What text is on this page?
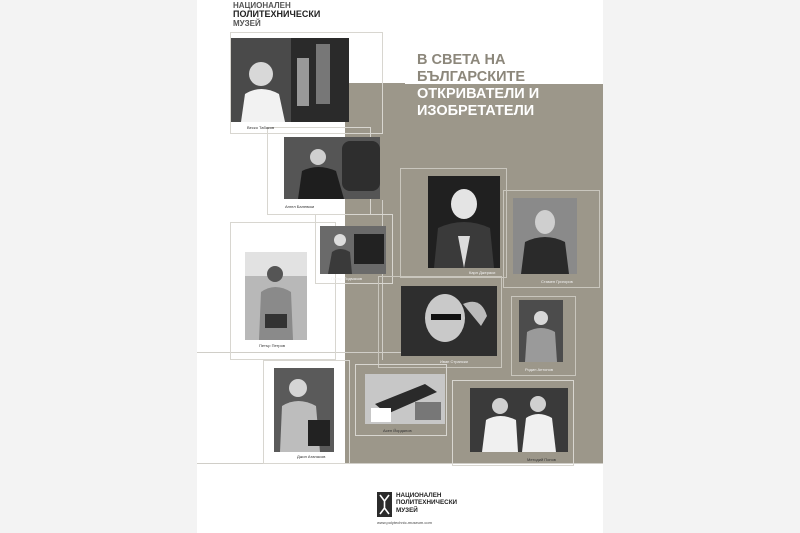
НАЦИОНАЛЕН
ПОЛИТЕХНИЧЕСКИ
МУЗЕЙ
В СВЕТА НА
БЪЛГАРСКИТЕ
ОТКРИВАТЕЛИ И
ИЗОБРЕТАТЕЛИ
Веско Табаков
Ангел Балевски
Петър Подмазов
Петър Петров
Асен Йорданов
Джон Атанасов
Карл Джераси
Стамен Григоров
Иван Странски
Родин Антонов
Методий Попов
НАЦИОНАЛЕН
ПОЛИТЕХНИЧЕСКИ
МУЗЕЙ
www.polytechnic-museum.com
